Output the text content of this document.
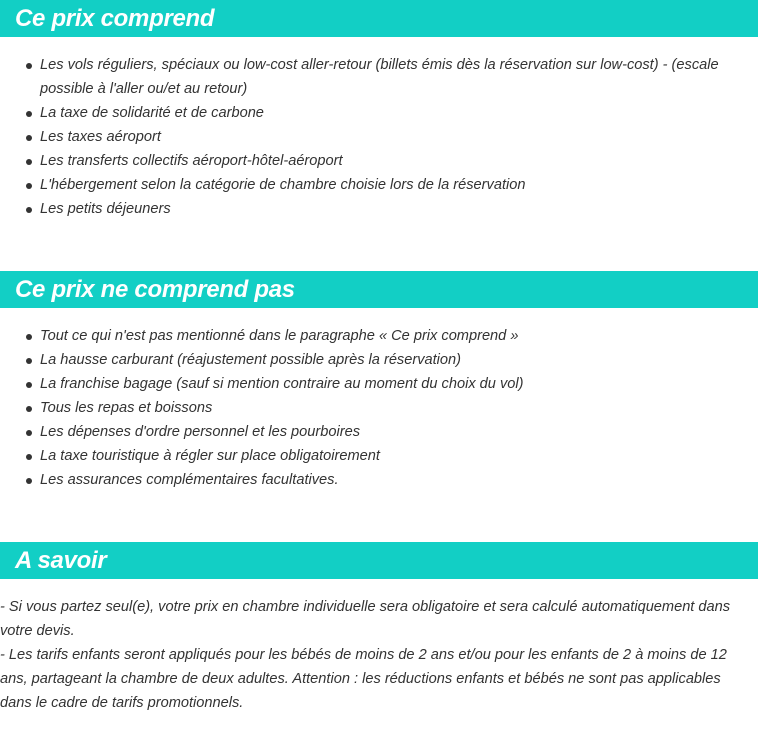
Ce prix comprend
Les vols réguliers, spéciaux ou low-cost aller-retour (billets émis dès la réservation sur low-cost) - (escale possible à l'aller ou/et au retour)
La taxe de solidarité et de carbone
Les taxes aéroport
Les transferts collectifs aéroport-hôtel-aéroport
L'hébergement selon la catégorie de chambre choisie lors de la réservation
Les petits déjeuners
Ce prix ne comprend pas
Tout ce qui n'est pas mentionné dans le paragraphe « Ce prix comprend »
La hausse carburant (réajustement possible après la réservation)
La franchise bagage (sauf si mention contraire au moment du choix du vol)
Tous les repas et boissons
Les dépenses d'ordre personnel et les pourboires
La taxe touristique à régler sur place obligatoirement
Les assurances complémentaires facultatives.
A savoir

- Si vous partez seul(e), votre prix en chambre individuelle sera obligatoire et sera calculé automatiquement dans votre devis.

- Les tarifs enfants seront appliqués pour les bébés de moins de 2 ans et/ou pour les enfants de 2 à moins de 12 ans, partageant la chambre de deux adultes. Attention : les réductions enfants et bébés ne sont pas applicables dans le cadre de tarifs promotionnels.
